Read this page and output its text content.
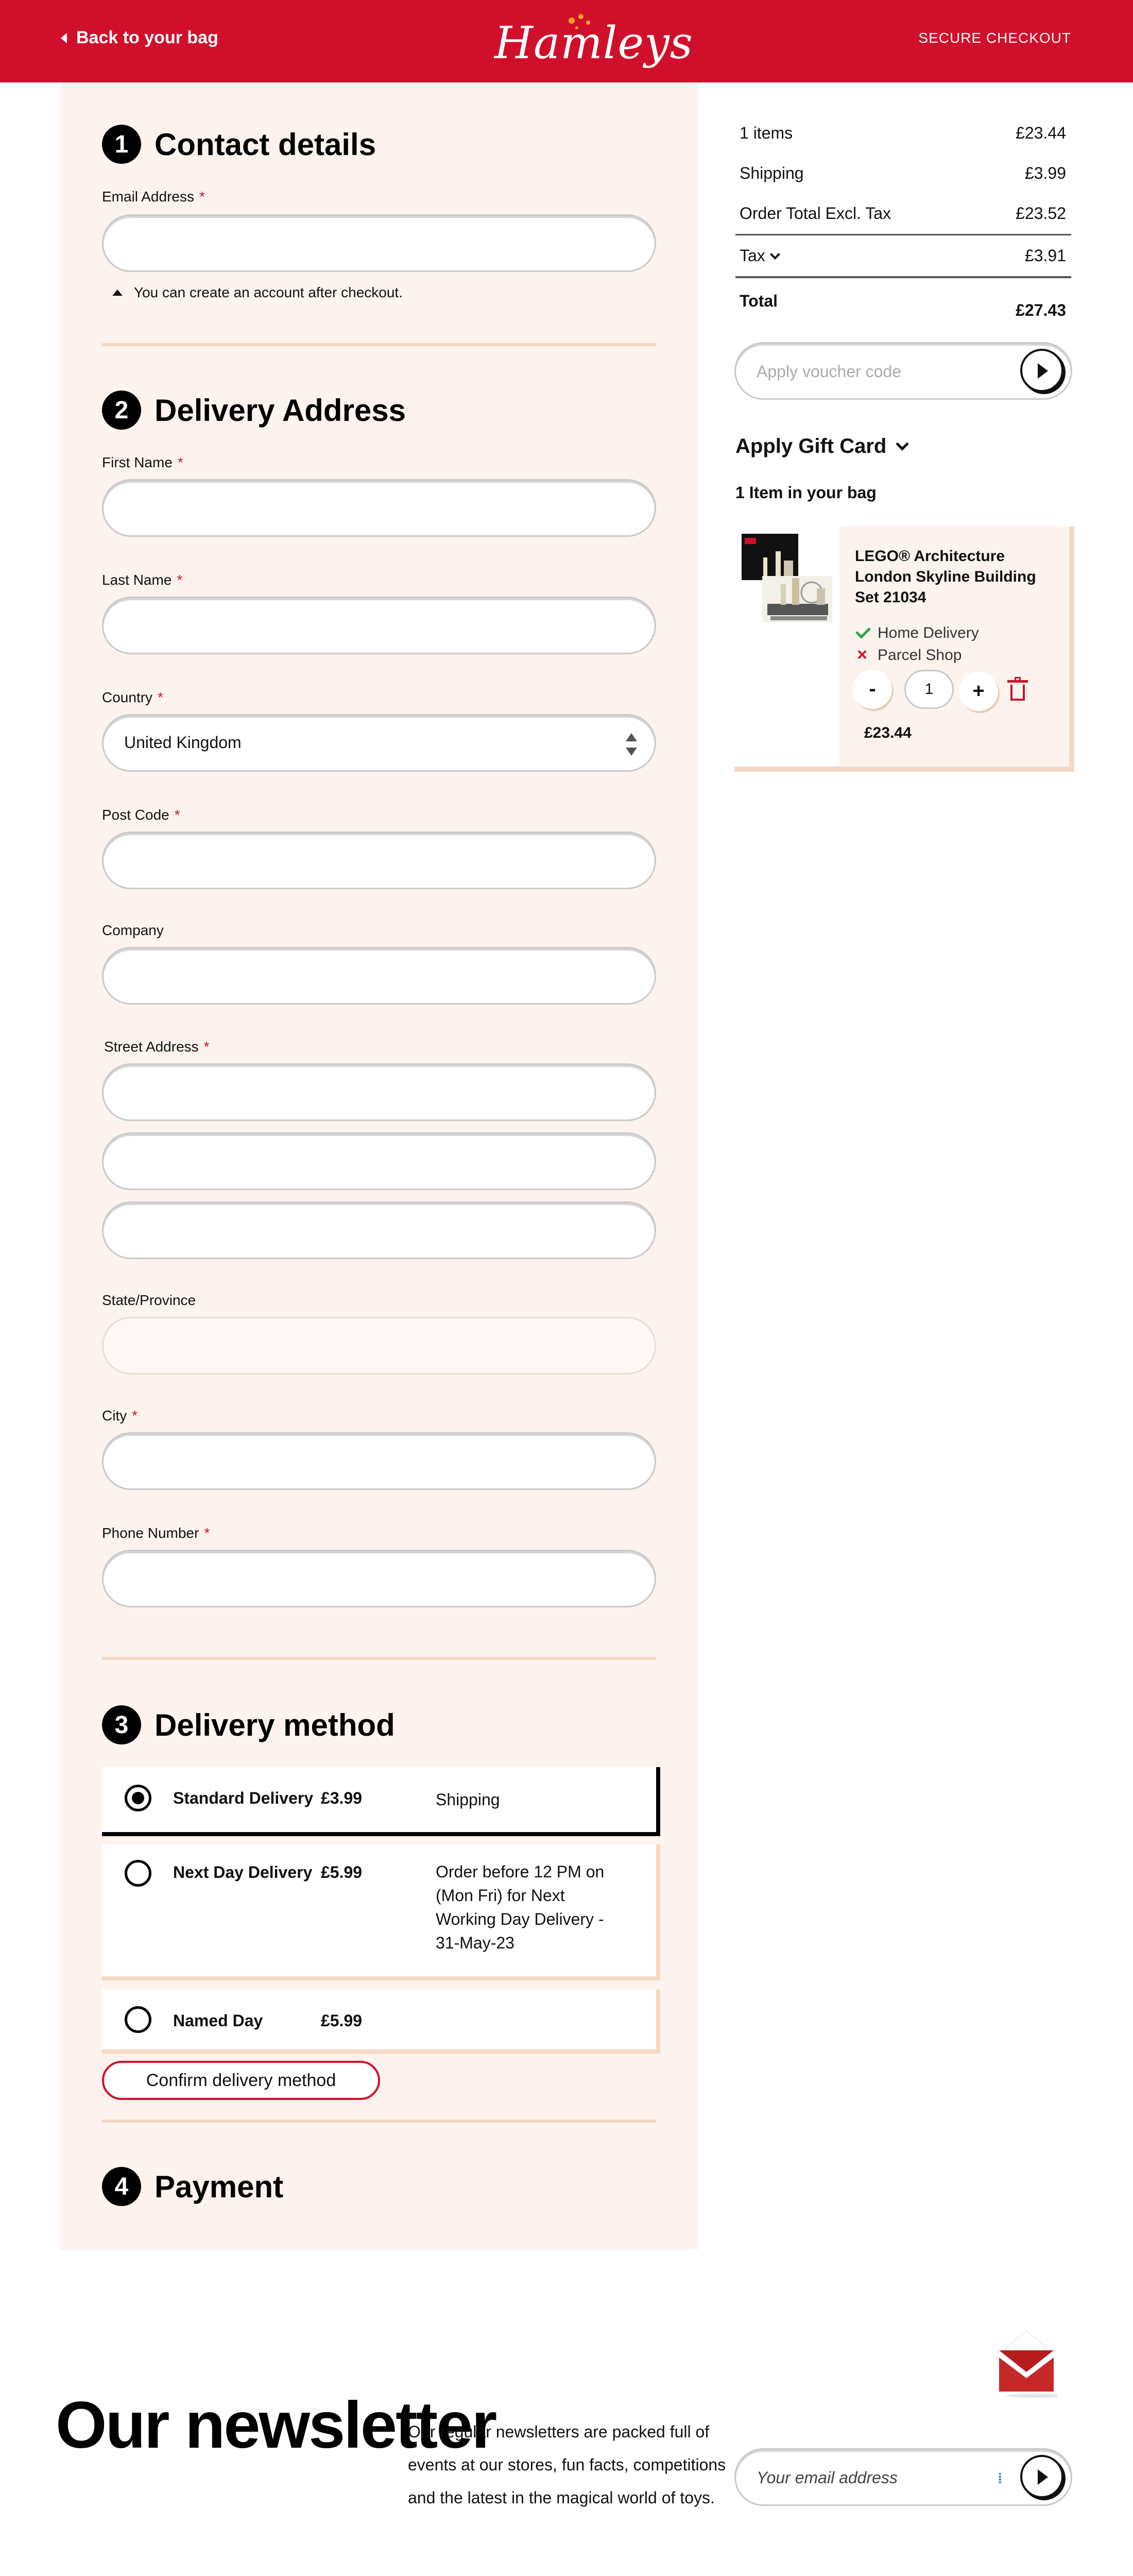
Back to your bag	Hamleys	SECURE CHECKOUT
1 Contact details
Email Address *
You can create an account after checkout.
2 Delivery Address
First Name *
Last Name *
Country *
United Kingdom
Post Code *
Company
Street Address *
State/Province
City *
Phone Number *
3 Delivery method
Standard Delivery £3.99	Shipping
Next Day Delivery £5.99	Order before 12 PM on (Mon Fri) for Next Working Day Delivery - 31-May-23
Named Day	£5.99
Confirm delivery method
4 Payment
1 items	£23.44
Shipping	£3.99
Order Total Excl. Tax	£23.52
Tax	£3.91
Total	£27.43
Apply voucher code
Apply Gift Card
1 Item in your bag
LEGO® Architecture London Skyline Building Set 21034
Home Delivery
× Parcel Shop
-	1	+
£23.44
Our newsletter
Our regular newsletters are packed full of events at our stores, fun facts, competitions and the latest in the magical world of toys.
Your email address	⁞
